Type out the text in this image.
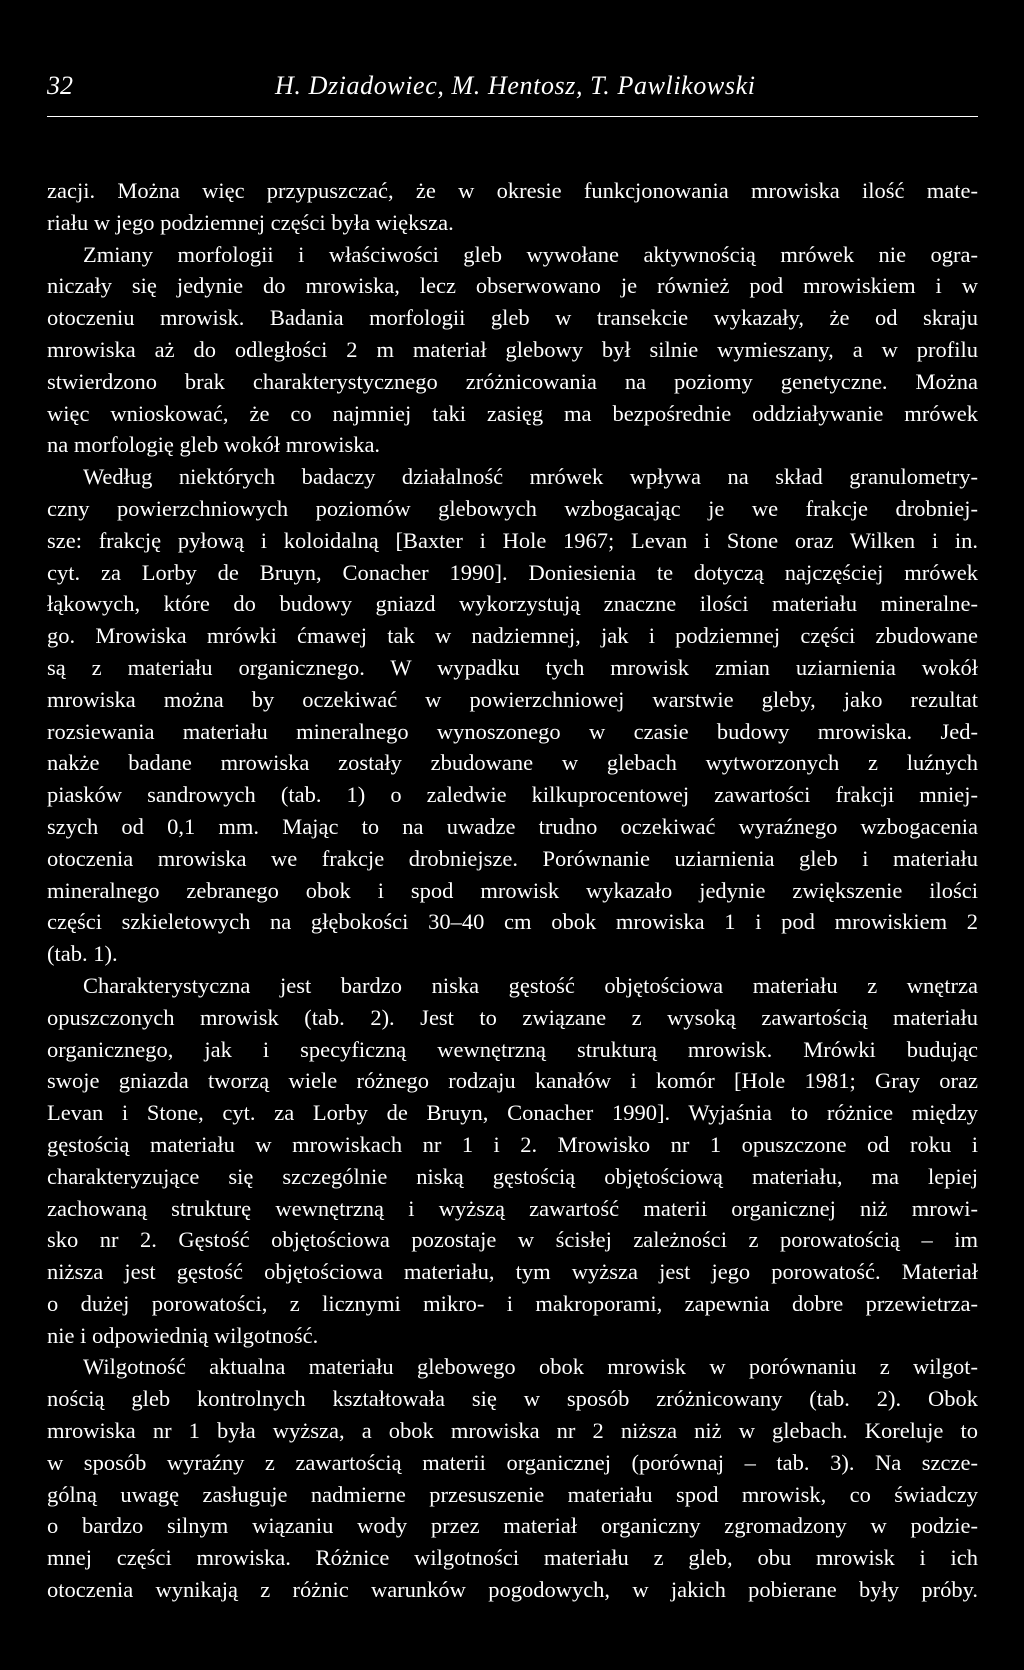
32	H. Dziadowiec, M. Hentosz, T. Pawlikowski
zacji. Można więc przypuszczać, że w okresie funkcjonowania mrowiska ilość mate-
riału w jego podziemnej części była większa.
Zmiany morfologii i właściwości gleb wywołane aktywnością mrówek nie ogra-
niczały się jedynie do mrowiska, lecz obserwowano je również pod mrowiskiem i w
otoczeniu mrowisk. Badania morfologii gleb w transekcie wykazały, że od skraju
mrowiska aż do odległości 2 m materiał glebowy był silnie wymieszany, a w profilu
stwierdzono brak charakterystycznego zróżnicowania na poziomy genetyczne. Można
więc wnioskować, że co najmniej taki zasięg ma bezpośrednie oddziaływanie mrówek
na morfologię gleb wokół mrowiska.
Według niektórych badaczy działalność mrówek wpływa na skład granulometry-
czny powierzchniowych poziomów glebowych wzbogacając je we frakcje drobniej-
sze: frakcję pyłową i koloidalną [Baxter i Hole 1967; Levan i Stone oraz Wilken i in.
cyt. za Lorby de Bruyn, Conacher 1990]. Doniesienia te dotyczą najczęściej mrówek
łąkowych, które do budowy gniazd wykorzystują znaczne ilości materiału mineralne-
go. Mrowiska mrówki ćmawej tak w nadziemnej, jak i podziemnej części zbudowane
są z materiału organicznego. W wypadku tych mrowisk zmian uziarnienia wokół
mrowiska można by oczekiwać w powierzchniowej warstwie gleby, jako rezultat
rozsiewania materiału mineralnego wynoszonego w czasie budowy mrowiska. Jed-
nakże badane mrowiska zostały zbudowane w glebach wytworzonych z luźnych
piasków sandrowych (tab. 1) o zaledwie kilkuprocentowej zawartości frakcji mniej-
szych od 0,1 mm. Mając to na uwadze trudno oczekiwać wyraźnego wzbogacenia
otoczenia mrowiska we frakcje drobniejsze. Porównanie uziarnienia gleb i materiału
mineralnego zebranego obok i spod mrowisk wykazało jedynie zwiększenie ilości
części szkieletowych na głębokości 30–40 cm obok mrowiska 1 i pod mrowiskiem 2
(tab. 1).
Charakterystyczna jest bardzo niska gęstość objętościowa materiału z wnętrza
opuszczonych mrowisk (tab. 2). Jest to związane z wysoką zawartością materiału
organicznego, jak i specyficzną wewnętrzną strukturą mrowisk. Mrówki budując
swoje gniazda tworzą wiele różnego rodzaju kanałów i komór [Hole 1981; Gray oraz
Levan i Stone, cyt. za Lorby de Bruyn, Conacher 1990]. Wyjaśnia to różnice między
gęstością materiału w mrowiskach nr 1 i 2. Mrowisko nr 1 opuszczone od roku i
charakteryzujące się szczególnie niską gęstością objętościową materiału, ma lepiej
zachowaną strukturę wewnętrzną i wyższą zawartość materii organicznej niż mrowi-
sko nr 2. Gęstość objętościowa pozostaje w ścisłej zależności z porowatością – im
niższa jest gęstość objętościowa materiału, tym wyższa jest jego porowatość. Materiał
o dużej porowatości, z licznymi mikro- i makroporami, zapewnia dobre przewietrza-
nie i odpowiednią wilgotność.
Wilgotność aktualna materiału glebowego obok mrowisk w porównaniu z wilgot-
nością gleb kontrolnych kształtowała się w sposób zróżnicowany (tab. 2). Obok
mrowiska nr 1 była wyższa, a obok mrowiska nr 2 niższa niż w glebach. Koreluje to
w sposób wyraźny z zawartością materii organicznej (porównaj – tab. 3). Na szcze-
gólną uwagę zasługuje nadmierne przesuszenie materiału spod mrowisk, co świadczy
o bardzo silnym wiązaniu wody przez materiał organiczny zgromadzony w podzie-
mnej części mrowiska. Różnice wilgotności materiału z gleb, obu mrowisk i ich
otoczenia wynikają z różnic warunków pogodowych, w jakich pobierane były próby.
